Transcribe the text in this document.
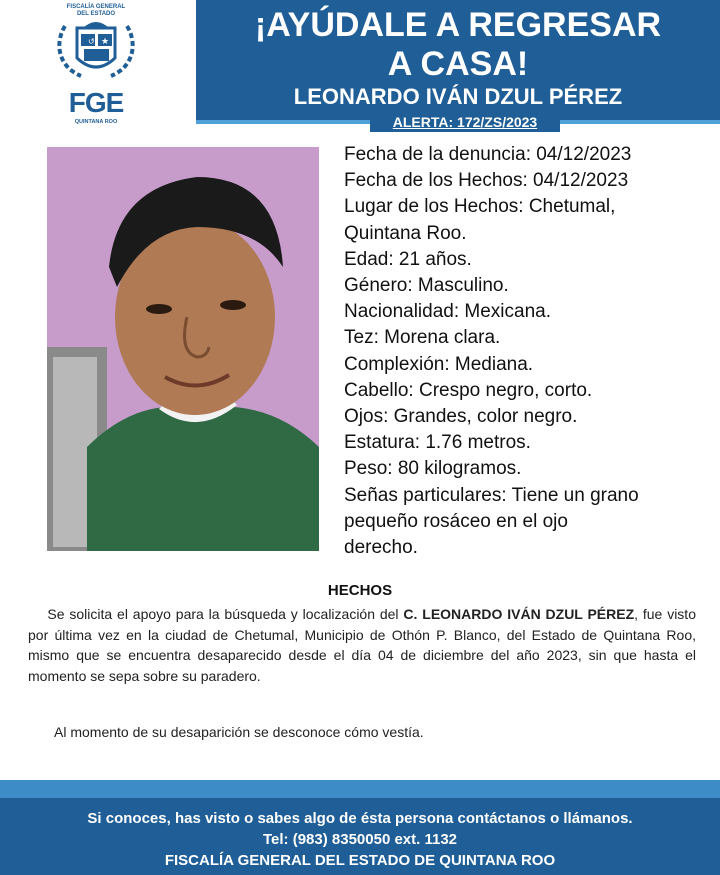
FISCALÍA GENERAL
DEL ESTADO
↺ ★
FGE
QUINTANA ROO
¡AYÚDALE A REGRESAR
A CASA!
LEONARDO IVÁN DZUL PÉREZ
ALERTA: 172/ZS/2023
Fecha de la denuncia: 04/12/2023
Fecha de los Hechos: 04/12/2023
Lugar de los Hechos: Chetumal,
Quintana Roo.
Edad: 21 años.
Género: Masculino.
Nacionalidad: Mexicana.
Tez: Morena clara.
Complexión: Mediana.
Cabello: Crespo negro, corto.
Ojos: Grandes, color negro.
Estatura: 1.76 metros.
Peso: 80 kilogramos.
Señas particulares: Tiene un grano
pequeño rosáceo en el ojo
derecho.
HECHOS
Se solicita el apoyo para la búsqueda y localización del C. LEONARDO IVÁN DZUL PÉREZ, fue visto por última vez en la ciudad de Chetumal, Municipio de Othón P. Blanco, del Estado de Quintana Roo, mismo que se encuentra desaparecido desde el día 04 de diciembre del año 2023, sin que hasta el momento se sepa sobre su paradero.
Al momento de su desaparición se desconoce cómo vestía.
Si conoces, has visto o sabes algo de ésta persona contáctanos o llámanos.
Tel: (983) 8350050 ext. 1132
FISCALÍA GENERAL DEL ESTADO DE QUINTANA ROO
